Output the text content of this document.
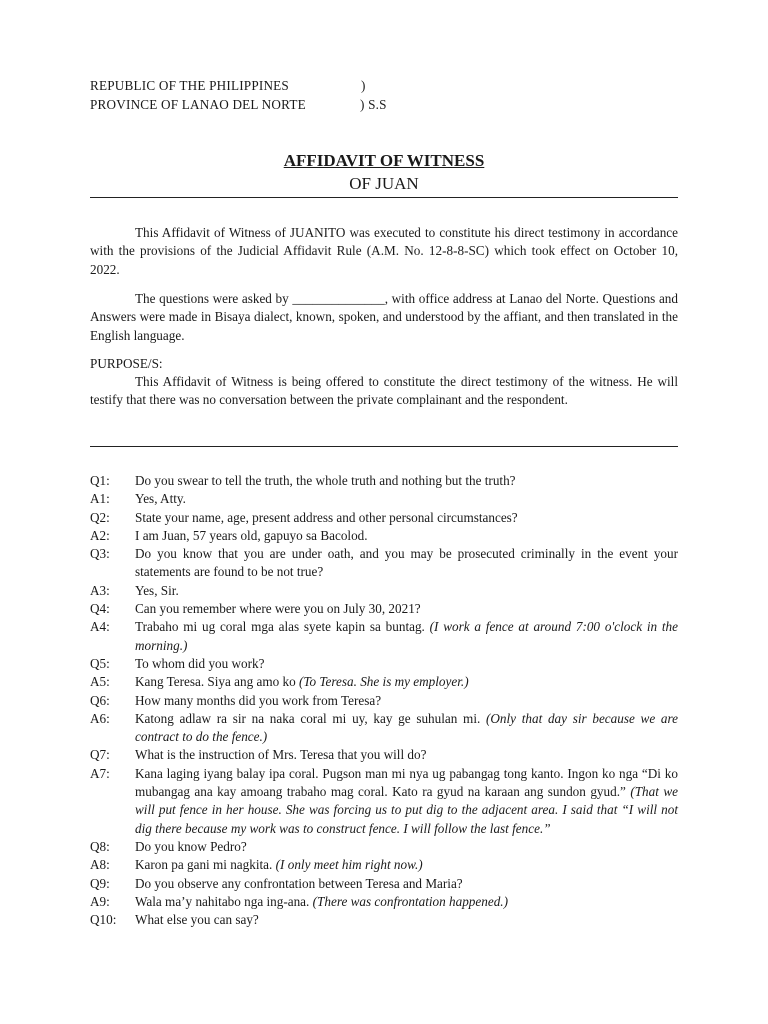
REPUBLIC OF THE PHILIPPINES	)
PROVINCE OF LANAO DEL NORTE	) S.S
AFFIDAVIT OF WITNESS
OF JUAN
This Affidavit of Witness of JUANITO was executed to constitute his direct testimony in accordance with the provisions of the Judicial Affidavit Rule (A.M. No. 12-8-8-SC) which took effect on October 10, 2022.
The questions were asked by ______________, with office address at Lanao del Norte. Questions and Answers were made in Bisaya dialect, known, spoken, and understood by the affiant, and then translated in the English language.
PURPOSE/S:
This Affidavit of Witness is being offered to constitute the direct testimony of the witness. He will testify that there was no conversation between the private complainant and the respondent.
Q1:	Do you swear to tell the truth, the whole truth and nothing but the truth?
A1:	Yes, Atty.
Q2:	State your name, age, present address and other personal circumstances?
A2:	I am Juan, 57 years old, gapuyo sa Bacolod.
Q3:	Do you know that you are under oath, and you may be prosecuted criminally in the event your statements are found to be not true?
A3:	Yes, Sir.
Q4:	Can you remember where were you on July 30, 2021?
A4:	Trabaho mi ug coral mga alas syete kapin sa buntag. (I work a fence at around 7:00 o'clock in the morning.)
Q5:	To whom did you work?
A5:	Kang Teresa. Siya ang amo ko (To Teresa. She is my employer.)
Q6:	How many months did you work from Teresa?
A6:	Katong adlaw ra sir na naka coral mi uy, kay ge suhulan mi. (Only that day sir because we are contract to do the fence.)
Q7:	What is the instruction of Mrs. Teresa that you will do?
A7:	Kana laging iyang balay ipa coral. Pugson man mi nya ug pabangag tong kanto. Ingon ko nga “Di ko mubangag ana kay amoang trabaho mag coral. Kato ra gyud na karaan ang sundon gyud.” (That we will put fence in her house. She was forcing us to put dig to the adjacent area. I said that “I will not dig there because my work was to construct fence. I will follow the last fence.”
Q8:	Do you know Pedro?
A8:	Karon pa gani mi nagkita. (I only meet him right now.)
Q9:	Do you observe any confrontation between Teresa and Maria?
A9:	Wala ma’y nahitabo nga ing-ana. (There was confrontation happened.)
Q10:	What else you can say?
